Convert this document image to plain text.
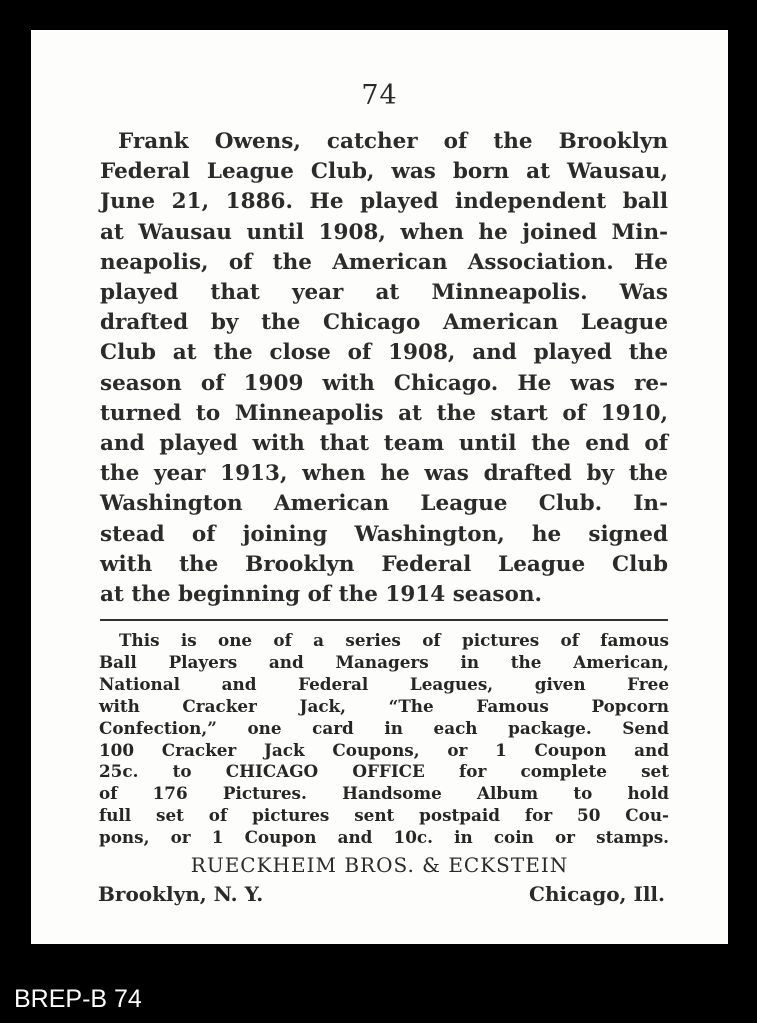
74
Frank Owens, catcher of the Brooklyn
Federal League Club, was born at Wausau,
June 21, 1886. He played independent ball
at Wausau until 1908, when he joined Min-
neapolis, of the American Association. He
played that year at Minneapolis. Was
drafted by the Chicago American League
Club at the close of 1908, and played the
season of 1909 with Chicago. He was re-
turned to Minneapolis at the start of 1910,
and played with that team until the end of
the year 1913, when he was drafted by the
Washington American League Club. In-
stead of joining Washington, he signed
with the Brooklyn Federal League Club
at the beginning of the 1914 season.
This is one of a series of pictures of famous
Ball Players and Managers in the American,
National and Federal Leagues, given Free
with Cracker Jack, “The Famous Popcorn
Confection,” one card in each package. Send
100 Cracker Jack Coupons, or 1 Coupon and
25c. to CHICAGO OFFICE for complete set
of 176 Pictures. Handsome Album to hold
full set of pictures sent postpaid for 50 Cou-
pons, or 1 Coupon and 10c. in coin or stamps.
RUECKHEIM BROS. & ECKSTEIN
Brooklyn, N. Y.	Chicago, Ill.
BREP-B 74
